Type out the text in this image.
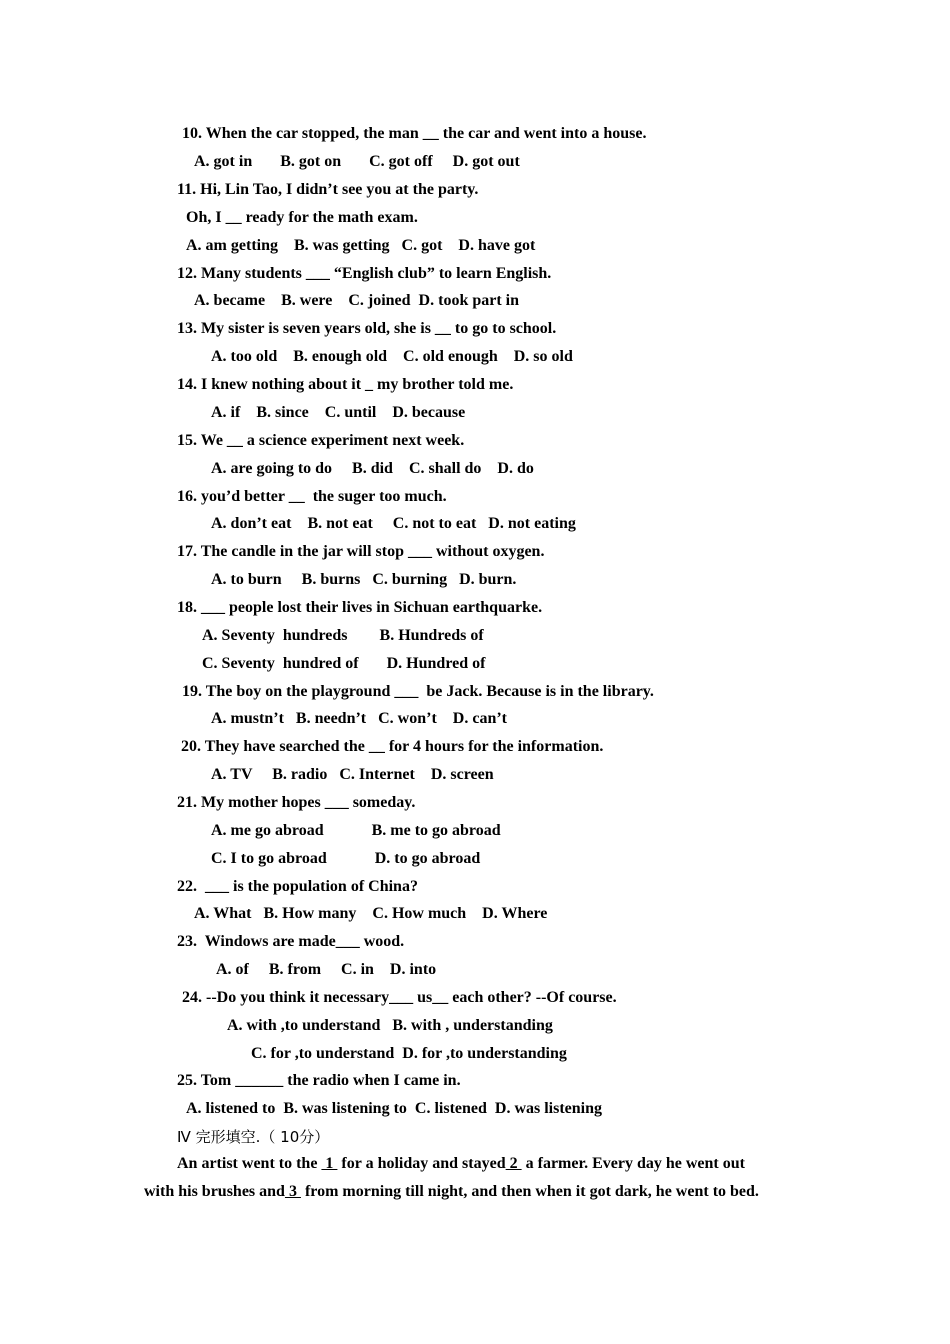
10. When the car stopped, the man __ the car and went into a house.
A. got in       B. got on       C. got off     D. got out
11. Hi, Lin Tao, I didn’t see you at the party.
Oh, I __ ready for the math exam.
A. am getting    B. was getting   C. got    D. have got
12. Many students ___ “English club” to learn English.
A. became    B. were    C. joined  D. took part in
13. My sister is seven years old, she is __ to go to school.
A. too old    B. enough old    C. old enough    D. so old
14. I knew nothing about it _ my brother told me.
A. if    B. since    C. until    D. because
15. We __ a science experiment next week.
A. are going to do     B. did    C. shall do    D. do
16. you’d better __  the suger too much.
A. don’t eat    B. not eat     C. not to eat   D. not eating
17. The candle in the jar will stop ___ without oxygen.
A. to burn     B. burns   C. burning   D. burn.
18. ___ people lost their lives in Sichuan earthquarke.
A. Seventy  hundreds        B. Hundreds of
C. Seventy  hundred of       D. Hundred of
19. The boy on the playground ___  be Jack. Because is in the library.
A. mustn’t   B. needn’t   C. won’t    D. can’t
20. They have searched the __ for 4 hours for the information.
A. TV     B. radio   C. Internet    D. screen
21. My mother hopes ___ someday.
A. me go abroad            B. me to go abroad
C. I to go abroad            D. to go abroad
22.  ___ is the population of China?
A. What   B. How many    C. How much    D. Where
23.  Windows are made___ wood.
A. of     B. from     C. in    D. into
24. --Do you think it necessary___ us__ each other? --Of course.
A. with ,to understand   B. with , understanding
C. for ,to understand  D. for ,to understanding
25. Tom ______ the radio when I came in.
A. listened to  B. was listening to  C. listened  D. was listening
Ⅳ 完形填空.（ 10分）
An artist went to the  1  for a holiday and stayed 2  a farmer. Every day he went out
with his brushes and 3  from morning till night, and then when it got dark, he went to bed.
